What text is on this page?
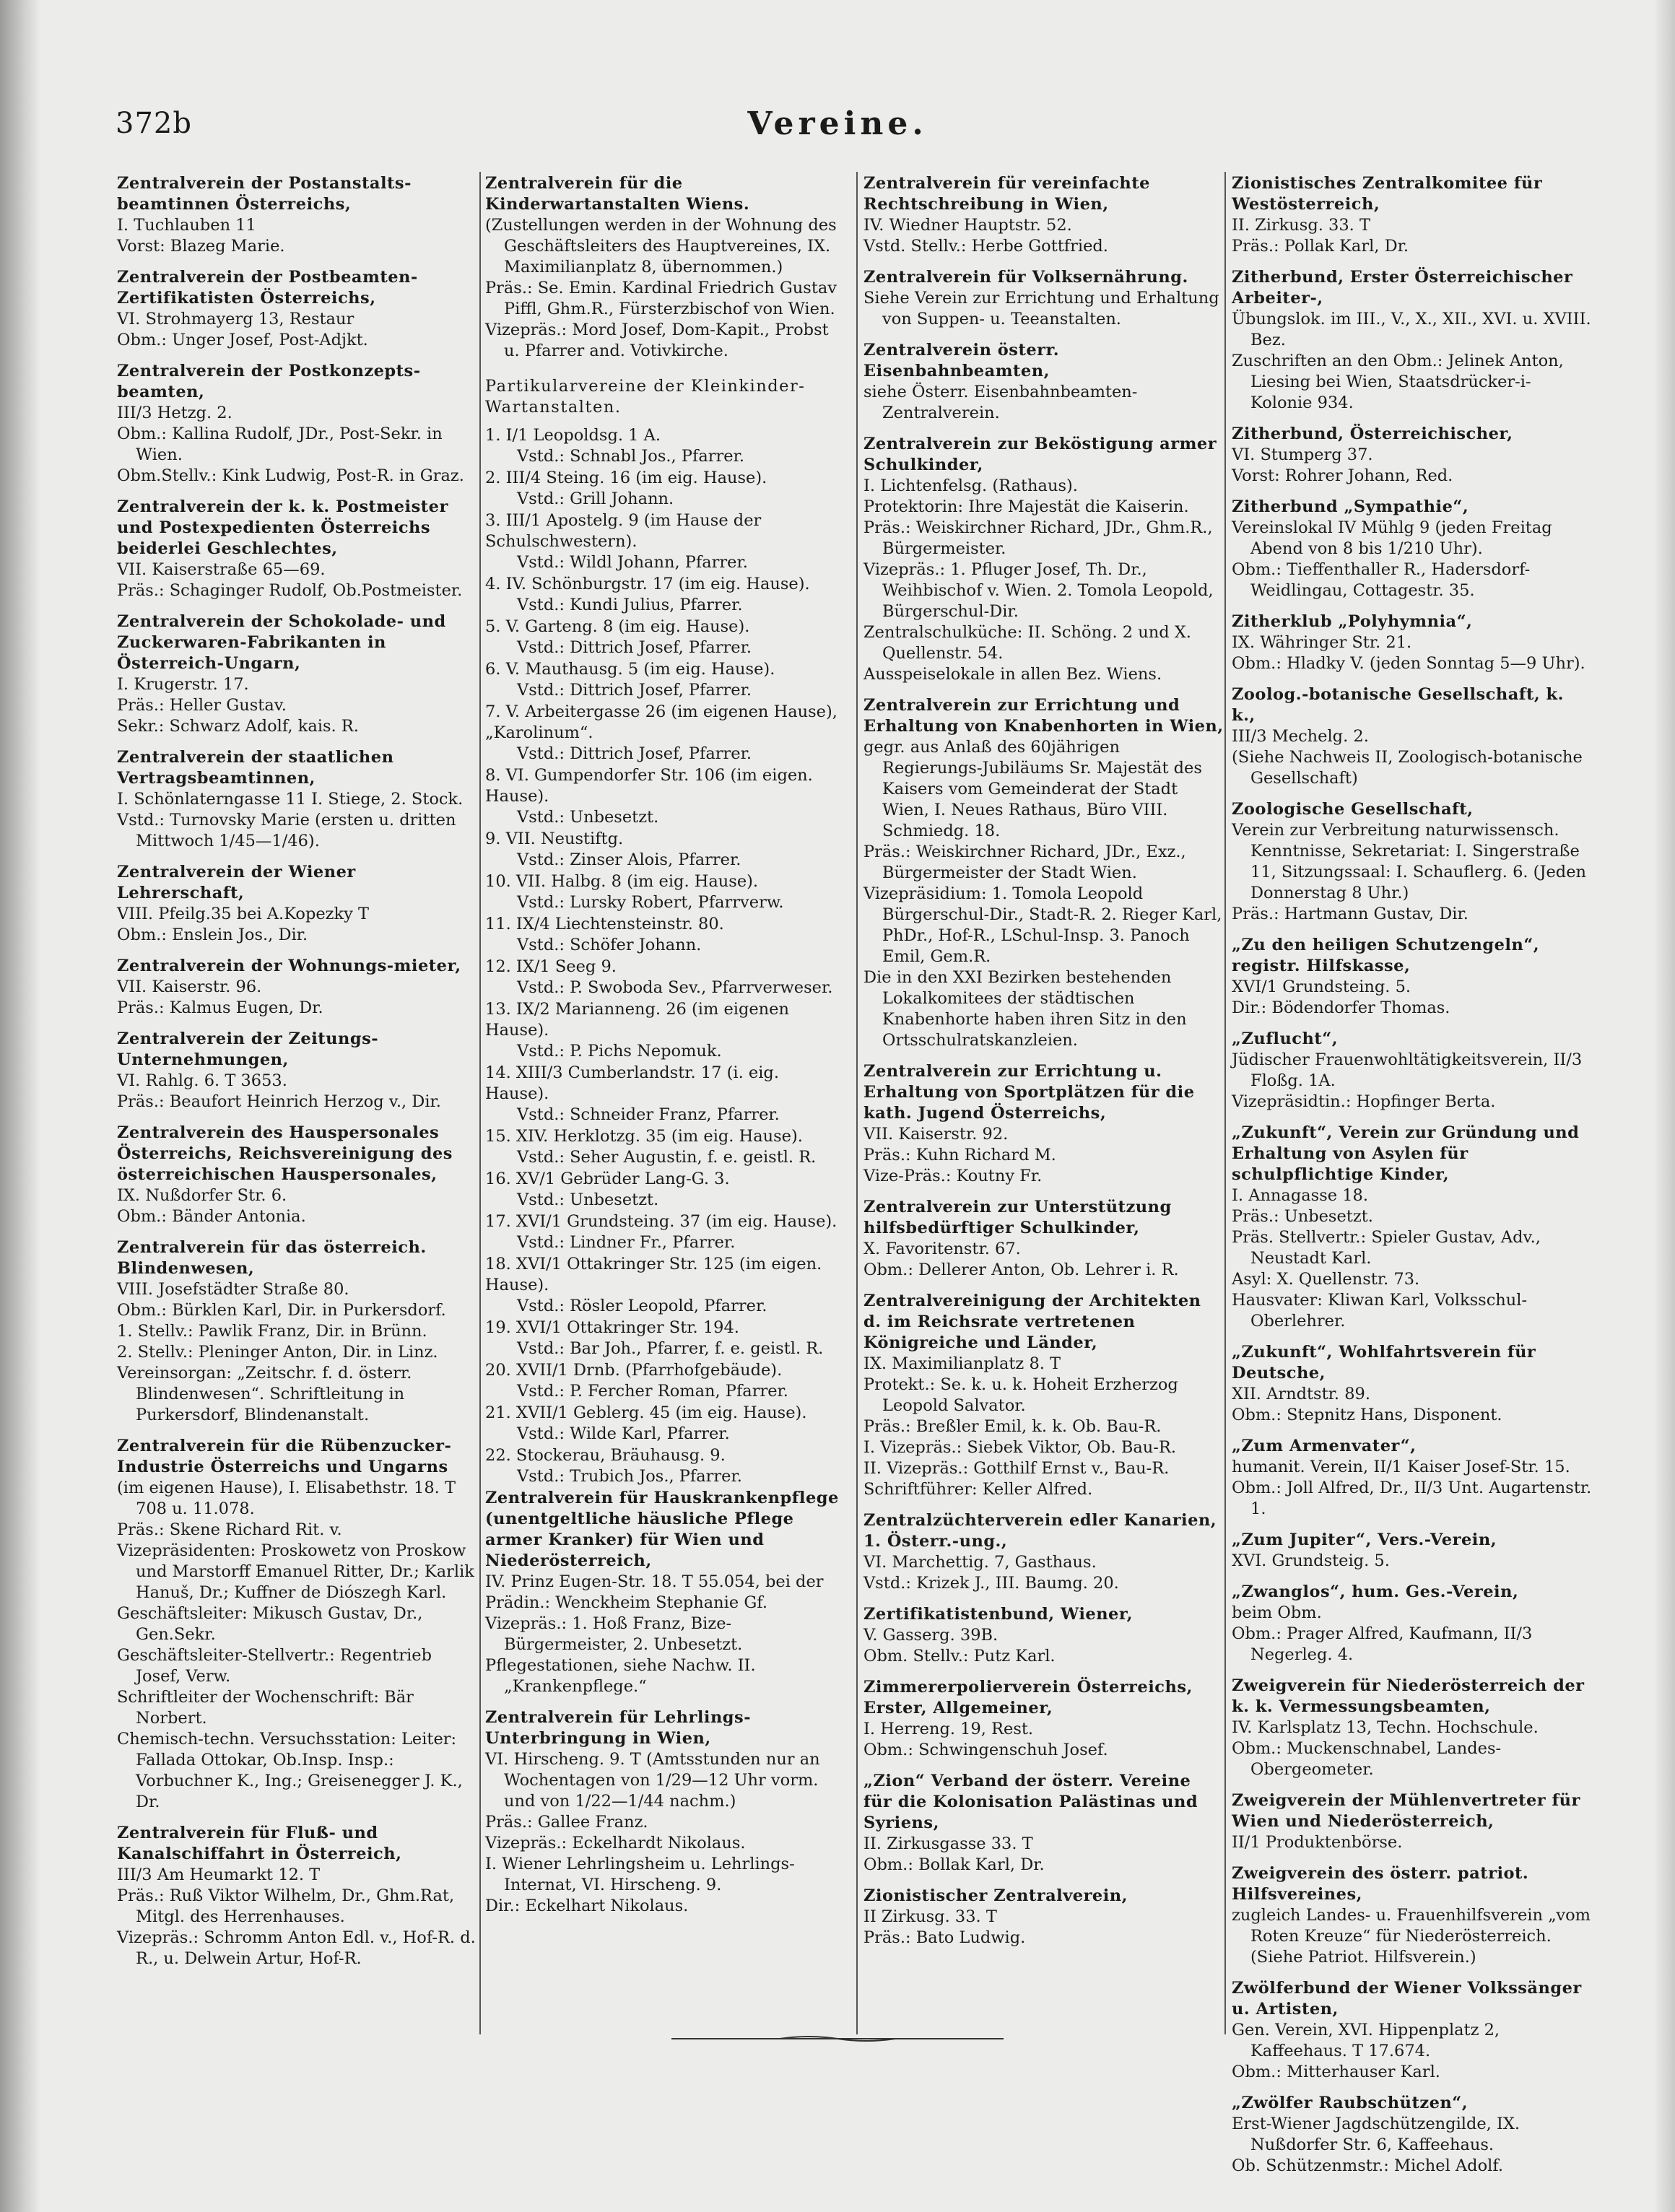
372b	Vereine.
Zentralverein der Postanstalts-beamtinnen Österreichs,
I. Tuchlauben 11
Vorst: Blazeg Marie.
Zentralverein der Postbeamten-Zertifikatisten Österreichs,
VI. Strohmayerg 13, Restaur
Obm.: Unger Josef, Post-Adjkt.
Zentralverein der Postkonzepts-beamten,
III/3 Hetzg. 2.
Obm.: Kallina Rudolf, JDr., Post-Sekr. in Wien.
Obm.Stellv.: Kink Ludwig, Post-R. in Graz.
Zentralverein der k. k. Postmeister und Postexpedienten Österreichs beiderlei Geschlechtes,
VII. Kaiserstraße 65—69.
Präs.: Schaginger Rudolf, Ob.Postmeister.
Zentralverein der Schokolade- und Zuckerwaren-Fabrikanten in Österreich-Ungarn,
I. Krugerstr. 17.
Präs.: Heller Gustav.
Sekr.: Schwarz Adolf, kais. R.
Zentralverein der staatlichen Vertragsbeamtinnen,
I. Schönlaterngasse 11 I. Stiege, 2. Stock.
Vstd.: Turnovsky Marie (ersten u. dritten Mittwoch 1/45—1/46).
Zentralverein der Wiener Lehrerschaft,
VIII. Pfeilg.35 bei A.Kopezky T
Obm.: Enslein Jos., Dir.
Zentralverein der Wohnungs-mieter,
VII. Kaiserstr. 96.
Präs.: Kalmus Eugen, Dr.
Zentralverein der Zeitungs-Unternehmungen,
VI. Rahlg. 6. T 3653.
Präs.: Beaufort Heinrich Herzog v., Dir.
Zentralverein des Hauspersonales Österreichs, Reichsvereinigung des österreichischen Hauspersonales,
IX. Nußdorfer Str. 6.
Obm.: Bänder Antonia.
Zentralverein für das österreich. Blindenwesen,
VIII. Josefstädter Straße 80.
Obm.: Bürklen Karl, Dir. in Purkersdorf.
1. Stellv.: Pawlik Franz, Dir. in Brünn.
2. Stellv.: Pleninger Anton, Dir. in Linz.
Vereinsorgan: „Zeitschr. f. d. österr. Blindenwesen“. Schriftleitung in Purkersdorf, Blindenanstalt.
Zentralverein für die Rübenzucker-Industrie Österreichs und Ungarns
(im eigenen Hause), I. Elisabethstr. 18. T 708 u. 11.078.
Präs.: Skene Richard Rit. v.
Vizepräsidenten: Proskowetz von Proskow und Marstorff Emanuel Ritter, Dr.; Karlik Hanuš, Dr.; Kuffner de Diószegh Karl.
Geschäftsleiter: Mikusch Gustav, Dr., Gen.Sekr.
Geschäftsleiter-Stellvertr.: Regentrieb Josef, Verw.
Schriftleiter der Wochenschrift: Bär Norbert.
Chemisch-techn. Versuchsstation: Leiter: Fallada Ottokar, Ob.Insp. Insp.: Vorbuchner K., Ing.; Greisenegger J. K., Dr.
Zentralverein für Fluß- und Kanalschiffahrt in Österreich,
III/3 Am Heumarkt 12. T
Präs.: Ruß Viktor Wilhelm, Dr., Ghm.Rat, Mitgl. des Herrenhauses.
Vizepräs.: Schromm Anton Edl. v., Hof-R. d. R., u. Delwein Artur, Hof-R.
Zentralverein für die Kinderwartanstalten Wiens.
(Zustellungen werden in der Wohnung des Geschäftsleiters des Hauptvereines, IX. Maximilianplatz 8, übernommen.)
Präs.: Se. Emin. Kardinal Friedrich Gustav Piffl, Ghm.R., Fürsterzbischof von Wien.
Vizepräs.: Mord Josef, Dom-Kapit., Probst u. Pfarrer and. Votivkirche.
Partikularvereine der Kleinkinder-Wartanstalten.
1. I/1 Leopoldsg. 1 A.
Vstd.: Schnabl Jos., Pfarrer.
2. III/4 Steing. 16 (im eig. Hause).
Vstd.: Grill Johann.
3. III/1 Apostelg. 9 (im Hause der Schulschwestern).
Vstd.: Wildl Johann, Pfarrer.
4. IV. Schönburgstr. 17 (im eig. Hause).
Vstd.: Kundi Julius, Pfarrer.
5. V. Garteng. 8 (im eig. Hause).
Vstd.: Dittrich Josef, Pfarrer.
6. V. Mauthausg. 5 (im eig. Hause).
Vstd.: Dittrich Josef, Pfarrer.
7. V. Arbeitergasse 26 (im eigenen Hause), „Karolinum“.
Vstd.: Dittrich Josef, Pfarrer.
8. VI. Gumpendorfer Str. 106 (im eigen. Hause).
Vstd.: Unbesetzt.
9. VII. Neustiftg.
Vstd.: Zinser Alois, Pfarrer.
10. VII. Halbg. 8 (im eig. Hause).
Vstd.: Lursky Robert, Pfarrverw.
11. IX/4 Liechtensteinstr. 80.
Vstd.: Schöfer Johann.
12. IX/1 Seeg 9.
Vstd.: P. Swoboda Sev., Pfarrverweser.
13. IX/2 Marianneng. 26 (im eigenen Hause).
Vstd.: P. Pichs Nepomuk.
14. XIII/3 Cumberlandstr. 17 (i. eig. Hause).
Vstd.: Schneider Franz, Pfarrer.
15. XIV. Herklotzg. 35 (im eig. Hause).
Vstd.: Seher Augustin, f. e. geistl. R.
16. XV/1 Gebrüder Lang-G. 3.
Vstd.: Unbesetzt.
17. XVI/1 Grundsteing. 37 (im eig. Hause).
Vstd.: Lindner Fr., Pfarrer.
18. XVI/1 Ottakringer Str. 125 (im eigen. Hause).
Vstd.: Rösler Leopold, Pfarrer.
19. XVI/1 Ottakringer Str. 194.
Vstd.: Bar Joh., Pfarrer, f. e. geistl. R.
20. XVII/1 Drnb. (Pfarrhofgebäude).
Vstd.: P. Fercher Roman, Pfarrer.
21. XVII/1 Geblerg. 45 (im eig. Hause).
Vstd.: Wilde Karl, Pfarrer.
22. Stockerau, Bräuhausg. 9.
Vstd.: Trubich Jos., Pfarrer.
Zentralverein für Hauskrankenpflege (unentgeltliche häusliche Pflege armer Kranker) für Wien und Niederösterreich,
IV. Prinz Eugen-Str. 18. T 55.054, bei der
Prädin.: Wenckheim Stephanie Gf.
Vizepräs.: 1. Hoß Franz, Bize-Bürgermeister, 2. Unbesetzt.
Pflegestationen, siehe Nachw. II. „Krankenpflege.“
Zentralverein für Lehrlings-Unterbringung in Wien,
VI. Hirscheng. 9. T (Amtsstunden nur an Wochentagen von 1/29—12 Uhr vorm. und von 1/22—1/44 nachm.)
Präs.: Gallee Franz.
Vizepräs.: Eckelhardt Nikolaus.
I. Wiener Lehrlingsheim u. Lehrlings-Internat, VI. Hirscheng. 9.
Dir.: Eckelhart Nikolaus.
Zentralverein für vereinfachte Rechtschreibung in Wien,
IV. Wiedner Hauptstr. 52.
Vstd. Stellv.: Herbe Gottfried.
Zentralverein für Volksernährung.
Siehe Verein zur Errichtung und Erhaltung von Suppen- u. Teeanstalten.
Zentralverein österr. Eisenbahnbeamten,
siehe Österr. Eisenbahnbeamten-Zentralverein.
Zentralverein zur Beköstigung armer Schulkinder,
I. Lichtenfelsg. (Rathaus).
Protektorin: Ihre Majestät die Kaiserin.
Präs.: Weiskirchner Richard, JDr., Ghm.R., Bürgermeister.
Vizepräs.: 1. Pfluger Josef, Th. Dr., Weihbischof v. Wien. 2. Tomola Leopold, Bürgerschul-Dir.
Zentralschulküche: II. Schöng. 2 und X. Quellenstr. 54.
Ausspeiselokale in allen Bez. Wiens.
Zentralverein zur Errichtung und Erhaltung von Knabenhorten in Wien,
gegr. aus Anlaß des 60jährigen Regierungs-Jubiläums Sr. Majestät des Kaisers vom Gemeinderat der Stadt Wien, I. Neues Rathaus, Büro VIII. Schmiedg. 18.
Präs.: Weiskirchner Richard, JDr., Exz., Bürgermeister der Stadt Wien.
Vizepräsidium: 1. Tomola Leopold Bürgerschul-Dir., Stadt-R. 2. Rieger Karl, PhDr., Hof-R., LSchul-Insp. 3. Panoch Emil, Gem.R.
Die in den XXI Bezirken bestehenden Lokalkomitees der städtischen Knabenhorte haben ihren Sitz in den Ortsschulratskanzleien.
Zentralverein zur Errichtung u. Erhaltung von Sportplätzen für die kath. Jugend Österreichs,
VII. Kaiserstr. 92.
Präs.: Kuhn Richard M.
Vize-Präs.: Koutny Fr.
Zentralverein zur Unterstützung hilfsbedürftiger Schulkinder,
X. Favoritenstr. 67.
Obm.: Dellerer Anton, Ob. Lehrer i. R.
Zentralvereinigung der Architekten d. im Reichsrate vertretenen Königreiche und Länder,
IX. Maximilianplatz 8. T
Protekt.: Se. k. u. k. Hoheit Erzherzog Leopold Salvator.
Präs.: Breßler Emil, k. k. Ob. Bau-R.
I. Vizepräs.: Siebek Viktor, Ob. Bau-R.
II. Vizepräs.: Gotthilf Ernst v., Bau-R.
Schriftführer: Keller Alfred.
Zentralzüchterverein edler Kanarien, 1. Österr.-ung.,
VI. Marchettig. 7, Gasthaus.
Vstd.: Krizek J., III. Baumg. 20.
Zertifikatistenbund, Wiener,
V. Gasserg. 39B.
Obm. Stellv.: Putz Karl.
Zimmererpolierverein Österreichs, Erster, Allgemeiner,
I. Herreng. 19, Rest.
Obm.: Schwingenschuh Josef.
„Zion“ Verband der österr. Vereine für die Kolonisation Palästinas und Syriens,
II. Zirkusgasse 33. T
Obm.: Bollak Karl, Dr.
Zionistischer Zentralverein,
II Zirkusg. 33. T
Präs.: Bato Ludwig.
Zionistisches Zentralkomitee für Westösterreich,
II. Zirkusg. 33. T
Präs.: Pollak Karl, Dr.
Zitherbund, Erster Österreichischer Arbeiter-,
Übungslok. im III., V., X., XII., XVI. u. XVIII. Bez.
Zuschriften an den Obm.: Jelinek Anton, Liesing bei Wien, Staatsdrücker-i-Kolonie 934.
Zitherbund, Österreichischer,
VI. Stumperg 37.
Vorst: Rohrer Johann, Red.
Zitherbund „Sympathie“,
Vereinslokal IV Mühlg 9 (jeden Freitag Abend von 8 bis 1/210 Uhr).
Obm.: Tieffenthaller R., Hadersdorf-Weidlingau, Cottagestr. 35.
Zitherklub „Polyhymnia“,
IX. Währinger Str. 21.
Obm.: Hladky V. (jeden Sonntag 5—9 Uhr).
Zoolog.-botanische Gesellschaft, k. k.,
III/3 Mechelg. 2.
(Siehe Nachweis II, Zoologisch-botanische Gesellschaft)
Zoologische Gesellschaft,
Verein zur Verbreitung naturwissensch. Kenntnisse, Sekretariat: I. Singerstraße 11, Sitzungssaal: I. Schauflerg. 6. (Jeden Donnerstag 8 Uhr.)
Präs.: Hartmann Gustav, Dir.
„Zu den heiligen Schutzengeln“, registr. Hilfskasse,
XVI/1 Grundsteing. 5.
Dir.: Bödendorfer Thomas.
„Zuflucht“,
Jüdischer Frauenwohltätigkeitsverein, II/3 Floßg. 1A.
Vizepräsidtin.: Hopfinger Berta.
„Zukunft“, Verein zur Gründung und Erhaltung von Asylen für schulpflichtige Kinder,
I. Annagasse 18.
Präs.: Unbesetzt.
Präs. Stellvertr.: Spieler Gustav, Adv., Neustadt Karl.
Asyl: X. Quellenstr. 73.
Hausvater: Kliwan Karl, Volksschul-Oberlehrer.
„Zukunft“, Wohlfahrtsverein für Deutsche,
XII. Arndtstr. 89.
Obm.: Stepnitz Hans, Disponent.
„Zum Armenvater“,
humanit. Verein, II/1 Kaiser Josef-Str. 15.
Obm.: Joll Alfred, Dr., II/3 Unt. Augartenstr. 1.
„Zum Jupiter“, Vers.-Verein,
XVI. Grundsteig. 5.
„Zwanglos“, hum. Ges.-Verein,
beim Obm.
Obm.: Prager Alfred, Kaufmann, II/3 Negerleg. 4.
Zweigverein für Niederösterreich der k. k. Vermessungsbeamten,
IV. Karlsplatz 13, Techn. Hochschule.
Obm.: Muckenschnabel, Landes-Obergeometer.
Zweigverein der Mühlenvertreter für Wien und Niederösterreich,
II/1 Produktenbörse.
Zweigverein des österr. patriot. Hilfsvereines,
zugleich Landes- u. Frauenhilfsverein „vom Roten Kreuze“ für Niederösterreich. (Siehe Patriot. Hilfsverein.)
Zwölferbund der Wiener Volkssänger u. Artisten,
Gen. Verein, XVI. Hippenplatz 2, Kaffeehaus. T 17.674.
Obm.: Mitterhauser Karl.
„Zwölfer Raubschützen“,
Erst-Wiener Jagdschützengilde, IX. Nußdorfer Str. 6, Kaffeehaus.
Ob. Schützenmstr.: Michel Adolf.
